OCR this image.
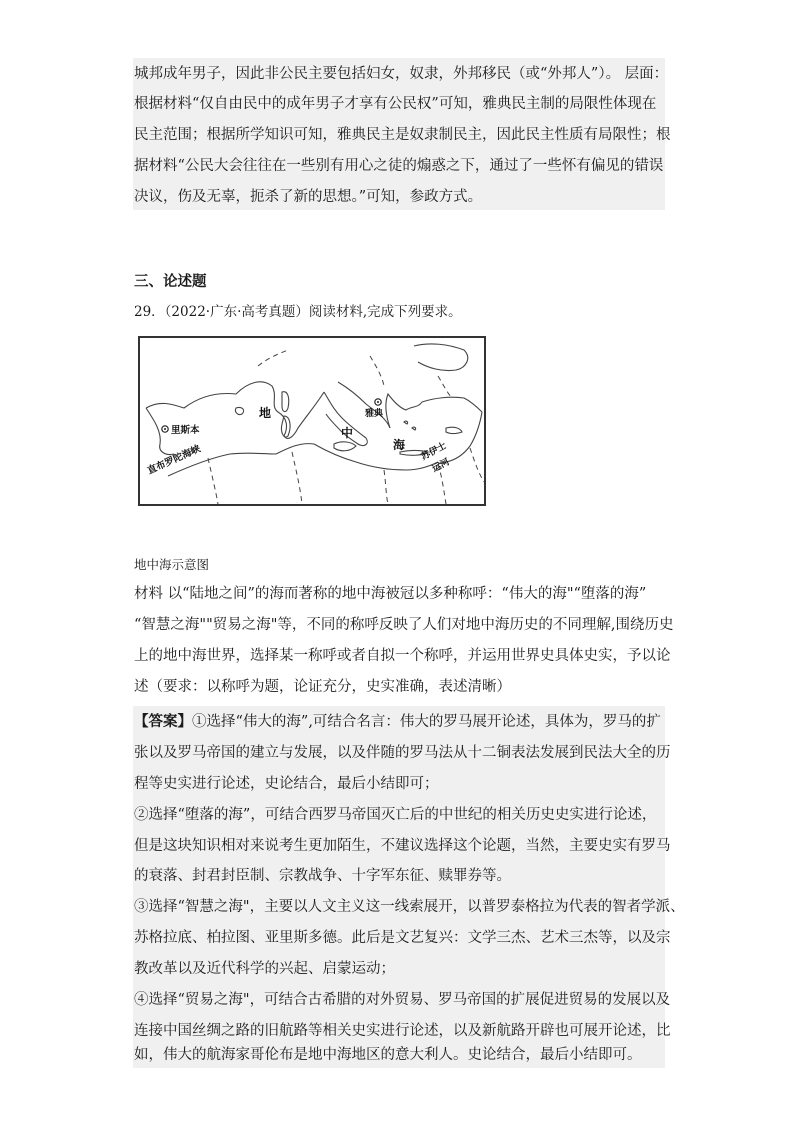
城邦成年男子，因此非公民主要包括妇女，奴隶，外邦移民（或“外邦人”）。 层面：
根据材料“仅自由民中的成年男子才享有公民权”可知，雅典民主制的局限性体现在
民主范围；根据所学知识可知，雅典民主是奴隶制民主，因此民主性质有局限性；根
据材料“公民大会往往在一些别有用心之徒的煽惑之下，通过了一些怀有偏见的错误
决议，伤及无辜，扼杀了新的思想。”可知，参政方式。
三、论述题
29．（2022·广东·高考真题）阅读材料,完成下列要求。
里斯本
直布罗陀海峡
地
中
海
雅典
苏伊士
运河
地中海示意图
材料 以“陆地之间”的海而著称的地中海被冠以多种称呼：“伟大的海"“堕落的海”
“智慧之海""贸易之海"等，不同的称呼反映了人们对地中海历史的不同理解,围绕历史
上的地中海世界，选择某一称呼或者自拟一个称呼，并运用世界史具体史实，予以论
述（要求：以称呼为题，论证充分，史实准确，表述清晰）
【答案】①选择“伟大的海”,可结合名言：伟大的罗马展开论述，具体为，罗马的扩
张以及罗马帝国的建立与发展，以及伴随的罗马法从十二铜表法发展到民法大全的历
程等史实进行论述，史论结合，最后小结即可；
②选择“堕落的海”，可结合西罗马帝国灭亡后的中世纪的相关历史史实进行论述，
但是这块知识相对来说考生更加陌生，不建议选择这个论题，当然，主要史实有罗马
的衰落、封君封臣制、宗教战争、十字军东征、赎罪券等。
③选择“智慧之海"，主要以人文主义这一线索展开，以普罗泰格拉为代表的智者学派、
苏格拉底、柏拉图、亚里斯多德。此后是文艺复兴：文学三杰、艺术三杰等，以及宗
教改革以及近代科学的兴起、启蒙运动；
④选择“贸易之海"，可结合古希腊的对外贸易、罗马帝国的扩展促进贸易的发展以及
连接中国丝绸之路的旧航路等相关史实进行论述，以及新航路开辟也可展开论述，比
如，伟大的航海家哥伦布是地中海地区的意大利人。史论结合，最后小结即可。
